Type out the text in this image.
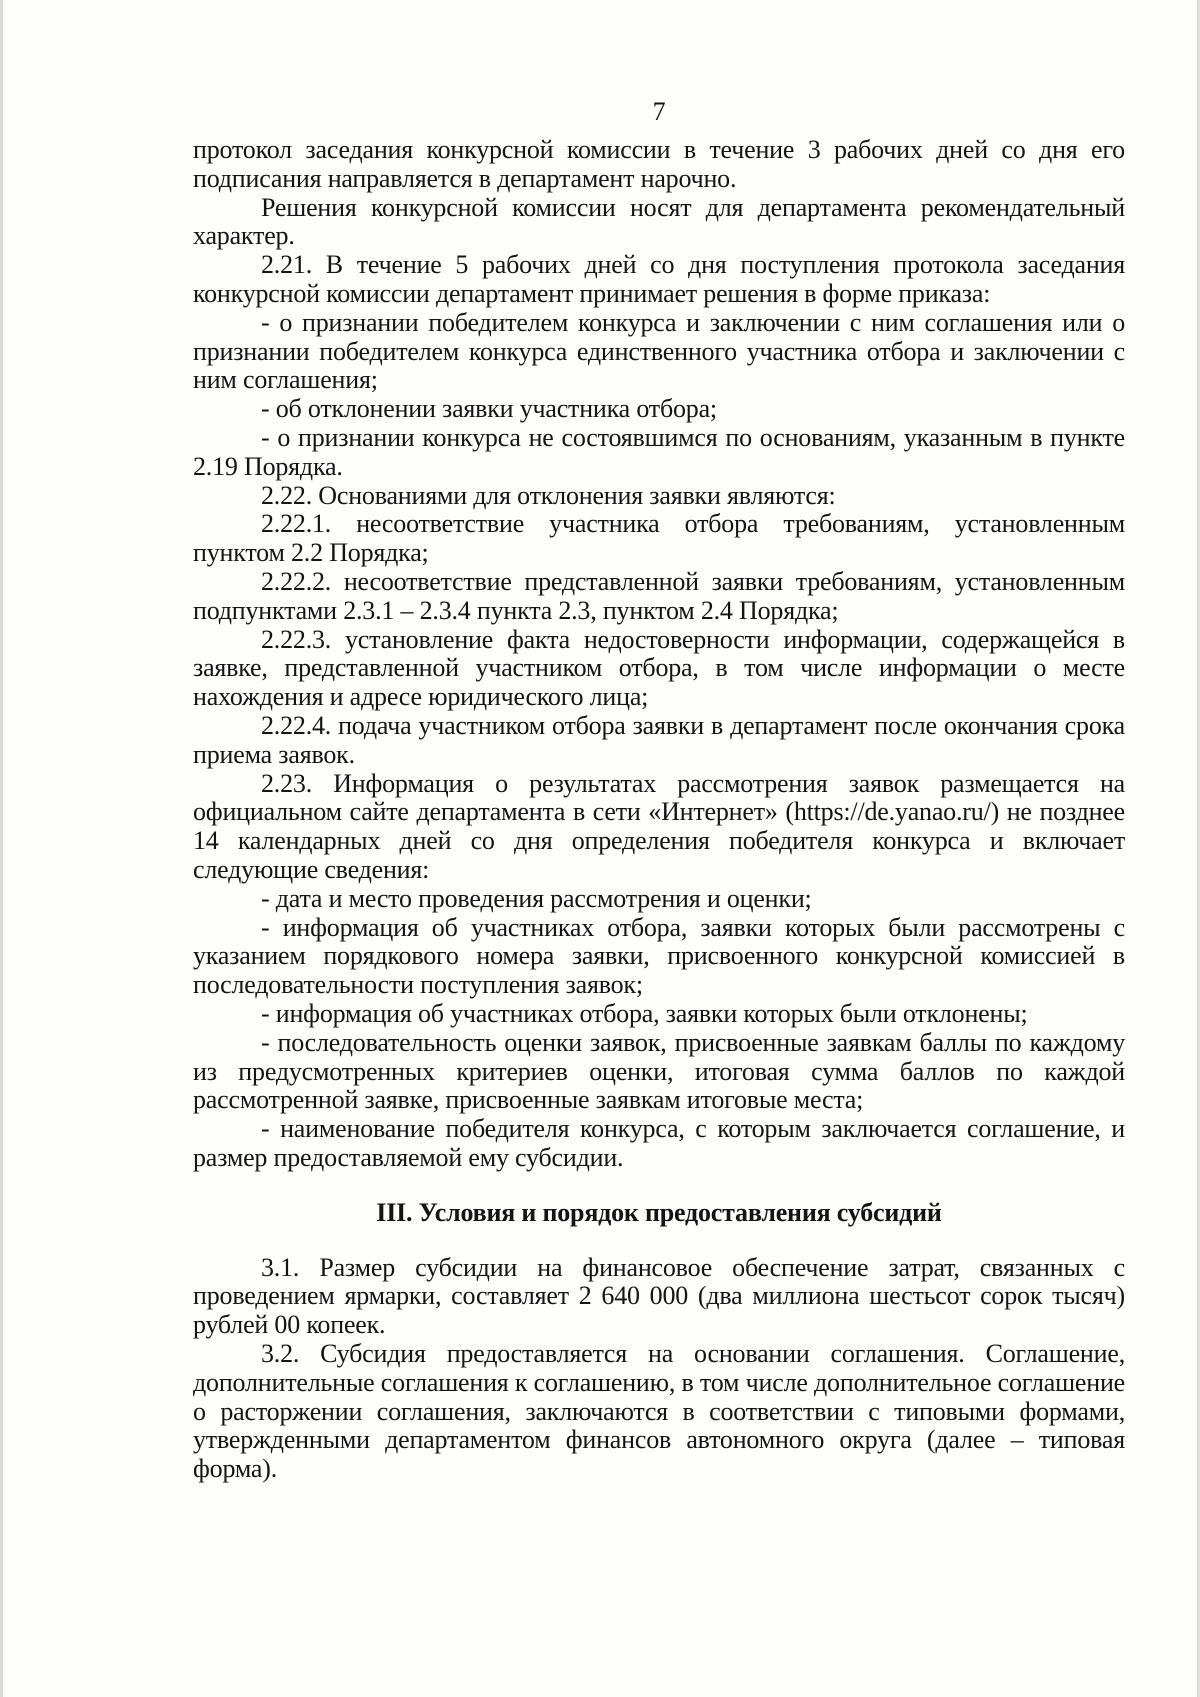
7

протокол заседания конкурсной комиссии в течение 3 рабочих дней со дня его подписания направляется в департамент нарочно.

Решения конкурсной комиссии носят для департамента рекомендательный характер.

2.21. В течение 5 рабочих дней со дня поступления протокола заседания конкурсной комиссии департамент принимает решения в форме приказа:

- о признании победителем конкурса и заключении с ним соглашения или о признании победителем конкурса единственного участника отбора и заключении с ним соглашения;

- об отклонении заявки участника отбора;

- о признании конкурса не состоявшимся по основаниям, указанным в пункте 2.19 Порядка.

2.22. Основаниями для отклонения заявки являются:

2.22.1. несоответствие участника отбора требованиям, установленным пунктом 2.2 Порядка;

2.22.2. несоответствие представленной заявки требованиям, установленным подпунктами 2.3.1 – 2.3.4 пункта 2.3, пунктом 2.4 Порядка;

2.22.3. установление факта недостоверности информации, содержащейся в заявке, представленной участником отбора, в том числе информации о месте нахождения и адресе юридического лица;

2.22.4. подача участником отбора заявки в департамент после окончания срока приема заявок.

2.23. Информация о результатах рассмотрения заявок размещается на официальном сайте департамента в сети «Интернет» (https://de.yanao.ru/) не позднее 14 календарных дней со дня определения победителя конкурса и включает следующие сведения:

- дата и место проведения рассмотрения и оценки;

- информация об участниках отбора, заявки которых были рассмотрены с указанием порядкового номера заявки, присвоенного конкурсной комиссией в последовательности поступления заявок;

- информация об участниках отбора, заявки которых были отклонены;

- последовательность оценки заявок, присвоенные заявкам баллы по каждому из предусмотренных критериев оценки, итоговая сумма баллов по каждой рассмотренной заявке, присвоенные заявкам итоговые места;

- наименование победителя конкурса, с которым заключается соглашение, и размер предоставляемой ему субсидии.

III. Условия и порядок предоставления субсидий

3.1. Размер субсидии на финансовое обеспечение затрат, связанных с проведением ярмарки, составляет 2 640 000 (два миллиона шестьсот сорок тысяч) рублей 00 копеек.

3.2. Субсидия предоставляется на основании соглашения. Соглашение, дополнительные соглашения к соглашению, в том числе дополнительное соглашение о расторжении соглашения, заключаются в соответствии с типовыми формами, утвержденными департаментом финансов автономного округа (далее – типовая форма).
